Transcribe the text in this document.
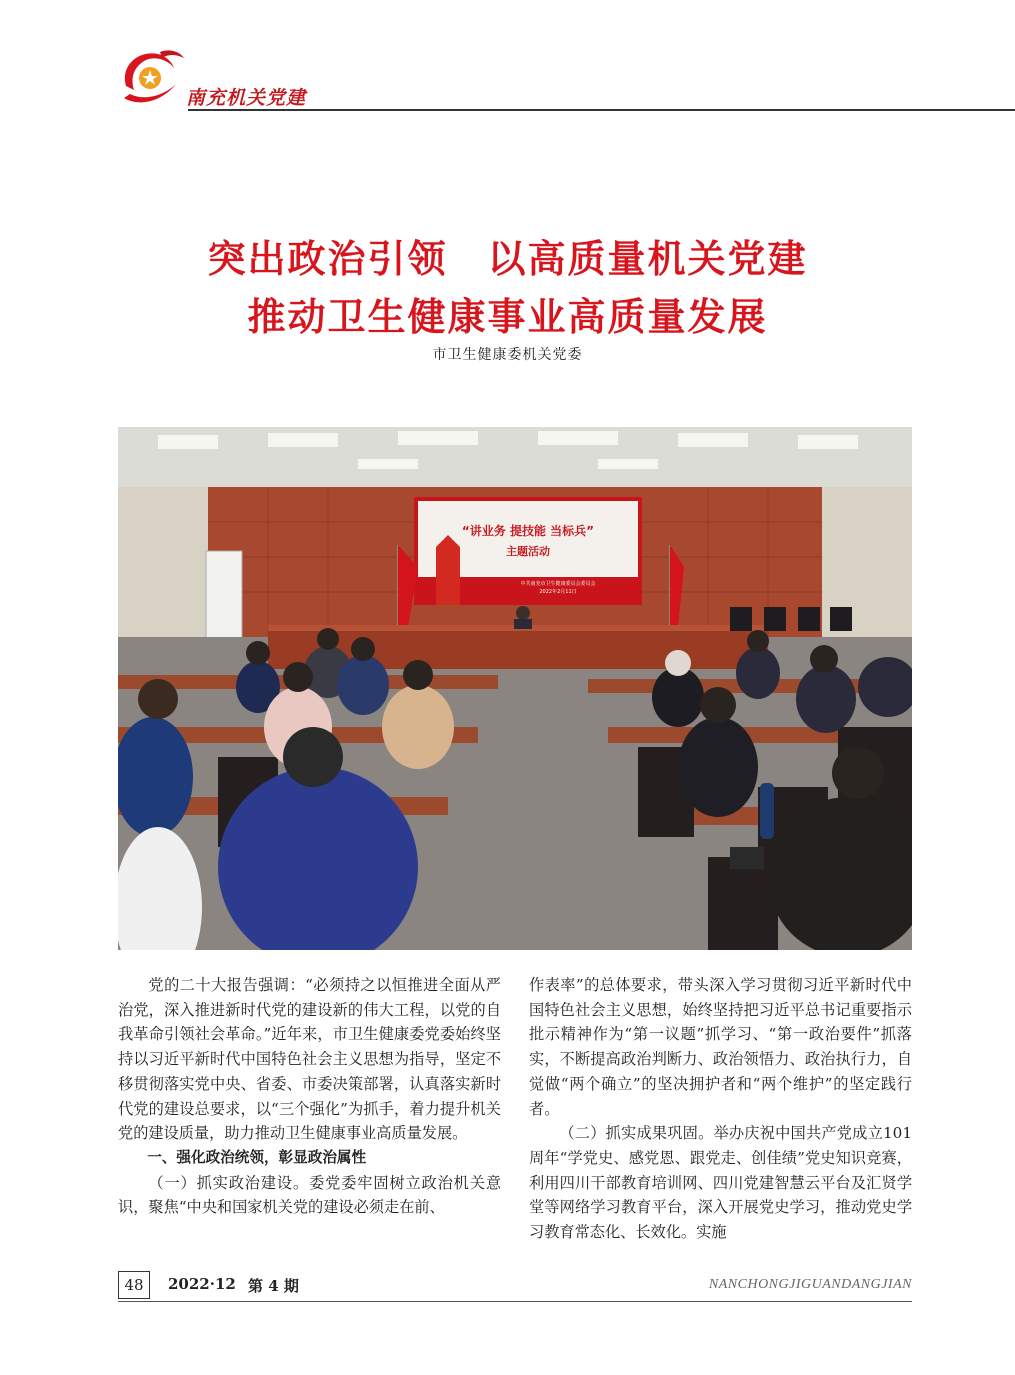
南充机关党建
突出政治引领　以高质量机关党建
推动卫生健康事业高质量发展
市卫生健康委机关党委
“讲业务 提技能 当标兵”
主题活动
中共南充市卫生健康委员会委员会
2022年2月11日

党的二十大报告强调：“必须持之以恒推进全面从严治党，深入推进新时代党的建设新的伟大工程，以党的自我革命引领社会革命。”近年来，市卫生健康委党委始终坚持以习近平新时代中国特色社会主义思想为指导，坚定不移贯彻落实党中央、省委、市委决策部署，认真落实新时代党的建设总要求，以“三个强化”为抓手，着力提升机关党的建设质量，助力推动卫生健康事业高质量发展。

一、强化政治统领，彰显政治属性

（一）抓实政治建设。委党委牢固树立政治机关意识，聚焦“中央和国家机关党的建设必须走在前、

作表率”的总体要求，带头深入学习贯彻习近平新时代中国特色社会主义思想，始终坚持把习近平总书记重要指示批示精神作为“第一议题”抓学习、“第一政治要件”抓落实，不断提高政治判断力、政治领悟力、政治执行力，自觉做“两个确立”的坚决拥护者和“两个维护”的坚定践行者。

（二）抓实成果巩固。举办庆祝中国共产党成立101周年“学党史、感党恩、跟党走、创佳绩”党史知识竞赛，利用四川干部教育培训网、四川党建智慧云平台及汇贤学堂等网络学习教育平台，深入开展党史学习，推动党史学习教育常态化、长效化。实施

48	2022·12 第 4 期	NANCHONGJIGUANDANGJIAN
